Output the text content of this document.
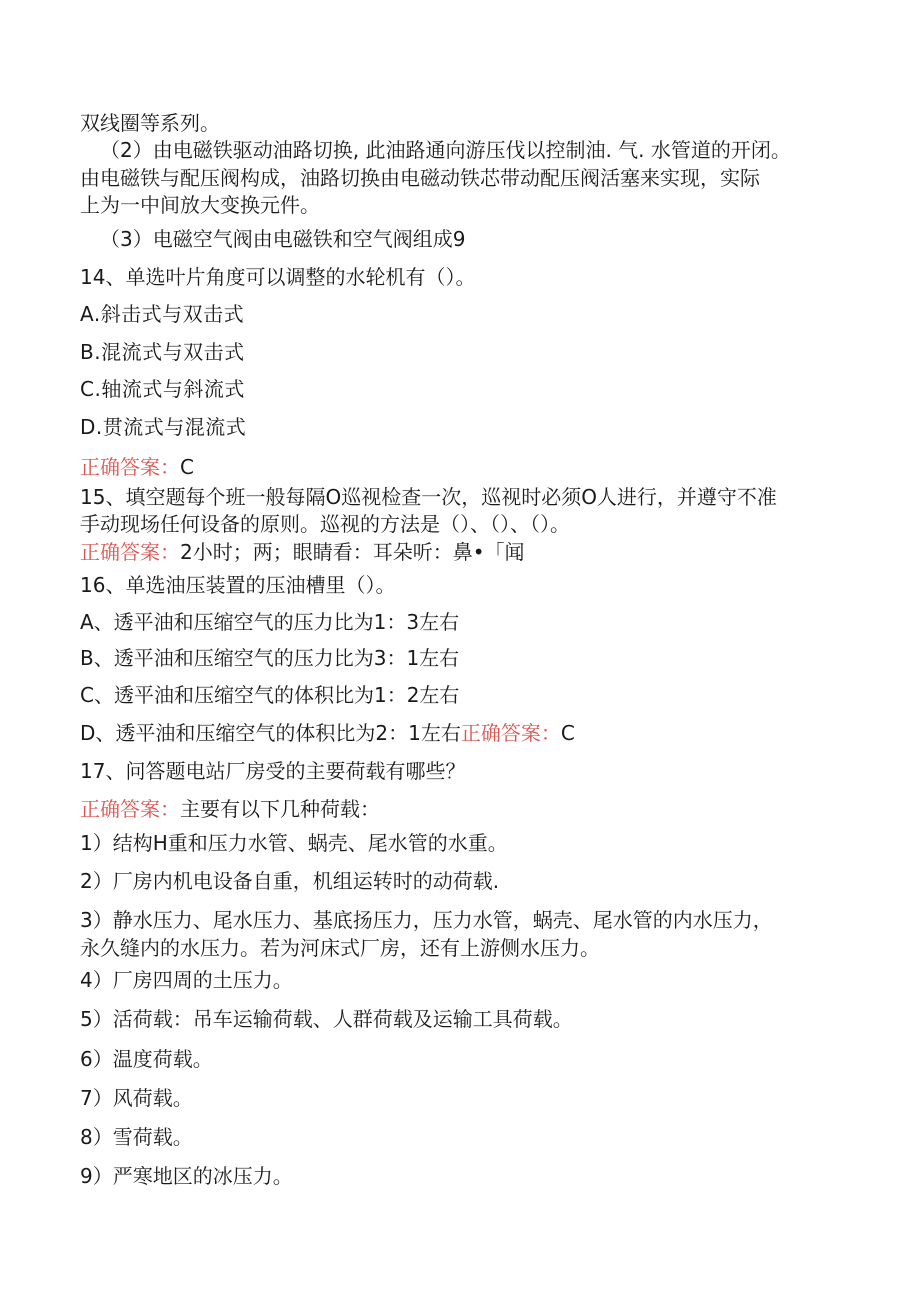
双线圈等系列。
（2）由电磁铁驱动油路切换, 此油路通向游压伐以控制油. 气. 水管道的开闭。
由电磁铁与配压阀构成，油路切换由电磁动铁芯带动配压阀活塞来实现，实际
上为一中间放大变换元件。
（3）电磁空气阀由电磁铁和空气阀组成9
14、单选叶片角度可以调整的水轮机有（）。
A.斜击式与双击式
B.混流式与双击式
C.轴流式与斜流式
D.贯流式与混流式
正确答案：C
15、填空题每个班一般每隔O巡视检查一次，巡视时必须O人进行，并遵守不准
手动现场任何设备的原则。巡视的方法是（）、（）、（）。
正确答案：2小时；两；眼睛看：耳朵听：鼻•「闻
16、单选油压装置的压油槽里（）。
A、透平油和压缩空气的压力比为1：3左右
B、透平油和压缩空气的压力比为3：1左右
C、透平油和压缩空气的体积比为1：2左右
D、透平油和压缩空气的体积比为2：1左右正确答案：C
17、问答题电站厂房受的主要荷载有哪些？
正确答案：主要有以下几种荷载：
1）结构H重和压力水管、蜗壳、尾水管的水重。
2）厂房内机电设备自重，机组运转时的动荷载.
3）静水压力、尾水压力、基底扬压力，压力水管，蜗壳、尾水管的内水压力，
永久缝内的水压力。若为河床式厂房，还有上游侧水压力。
4）厂房四周的土压力。
5）活荷载：吊车运输荷载、人群荷载及运输工具荷载。
6）温度荷载。
7）风荷载。
8）雪荷载。
9）严寒地区的冰压力。
